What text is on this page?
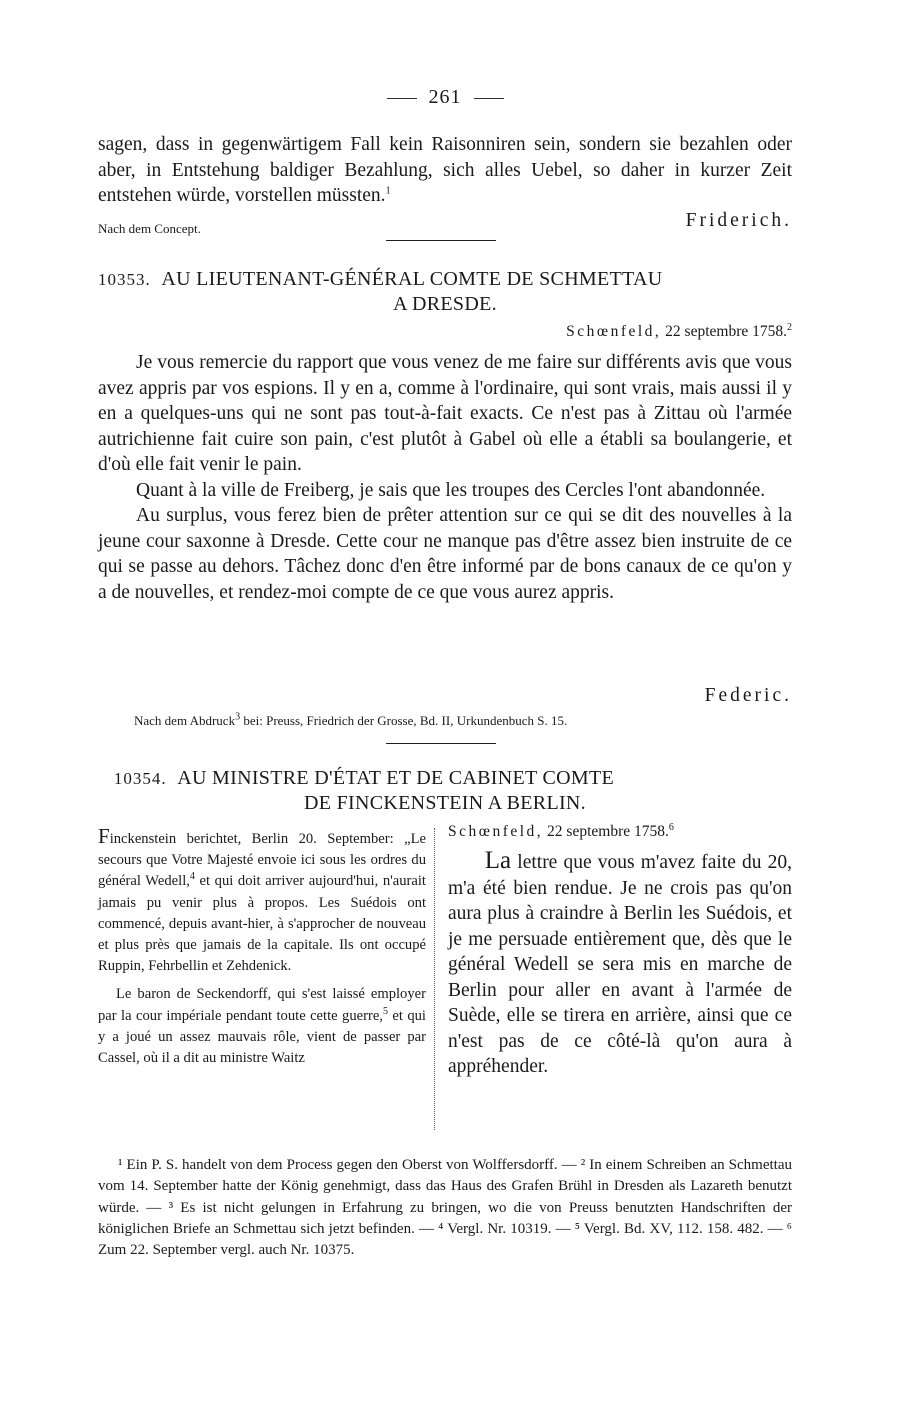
261
sagen, dass in gegenwärtigem Fall kein Raisonniren sein, sondern sie bezahlen oder aber, in Entstehung baldiger Bezahlung, sich alles Uebel, so daher in kurzer Zeit entstehen würde, vorstellen müssten.$^1$
Nach dem Concept.	Friderich.
10353. AU LIEUTENANT-GÉNÉRAL COMTE DE SCHMETTAU
A DRESDE.
Schœnfeld, 22 septembre 1758.$^2$
Je vous remercie du rapport que vous venez de me faire sur différents avis que vous avez appris par vos espions. Il y en a, comme à l'ordinaire, qui sont vrais, mais aussi il y en a quelques-uns qui ne sont pas tout-à-fait exacts. Ce n'est pas à Zittau où l'armée autrichienne fait cuire son pain, c'est plutôt à Gabel où elle a établi sa boulangerie, et d'où elle fait venir le pain.
Quant à la ville de Freiberg, je sais que les troupes des Cercles l'ont abandonnée.
Au surplus, vous ferez bien de prêter attention sur ce qui se dit des nouvelles à la jeune cour saxonne à Dresde. Cette cour ne manque pas d'être assez bien instruite de ce qui se passe au dehors. Tâchez donc d'en être informé par de bons canaux de ce qu'on y a de nouvelles, et rendez-moi compte de ce que vous aurez appris.
Federic.
Nach dem Abdruck$^3$ bei: Preuss, Friedrich der Grosse, Bd. II, Urkundenbuch S. 15.
10354. AU MINISTRE D'ÉTAT ET DE CABINET COMTE
DE FINCKENSTEIN A BERLIN.

Finckenstein berichtet, Berlin 20. September: „Le secours que Votre Majesté envoie ici sous les ordres du général Wedell,$^4$ et qui doit arriver aujourd'hui, n'aurait jamais pu venir plus à propos. Les Suédois ont commencé, depuis avant-hier, à s'approcher de nouveau et plus près que jamais de la capitale. Ils ont occupé Ruppin, Fehrbellin et Zehdenick.

Le baron de Seckendorff, qui s'est laissé employer par la cour impériale pendant toute cette guerre,$^5$ et qui y a joué un assez mauvais rôle, vient de passer par Cassel, où il a dit au ministre Waitz

Schœnfeld, 22 septembre 1758.$^6$
La lettre que vous m'avez faite du 20, m'a été bien rendue. Je ne crois pas qu'on aura plus à craindre à Berlin les Suédois, et je me persuade entièrement que, dès que le général Wedell se sera mis en marche de Berlin pour aller en avant à l'armée de Suède, elle se tirera en arrière, ainsi que ce n'est pas de ce côté-là qu'on aura à appréhender.

¹ Ein P. S. handelt von dem Process gegen den Oberst von Wolffersdorff. — ² In einem Schreiben an Schmettau vom 14. September hatte der König genehmigt, dass das Haus des Grafen Brühl in Dresden als Lazareth benutzt würde. — ³ Es ist nicht gelungen in Erfahrung zu bringen, wo die von Preuss benutzten Handschriften der königlichen Briefe an Schmettau sich jetzt befinden. — ⁴ Vergl. Nr. 10319. — ⁵ Vergl. Bd. XV, 112. 158. 482. — ⁶ Zum 22. September vergl. auch Nr. 10375.
